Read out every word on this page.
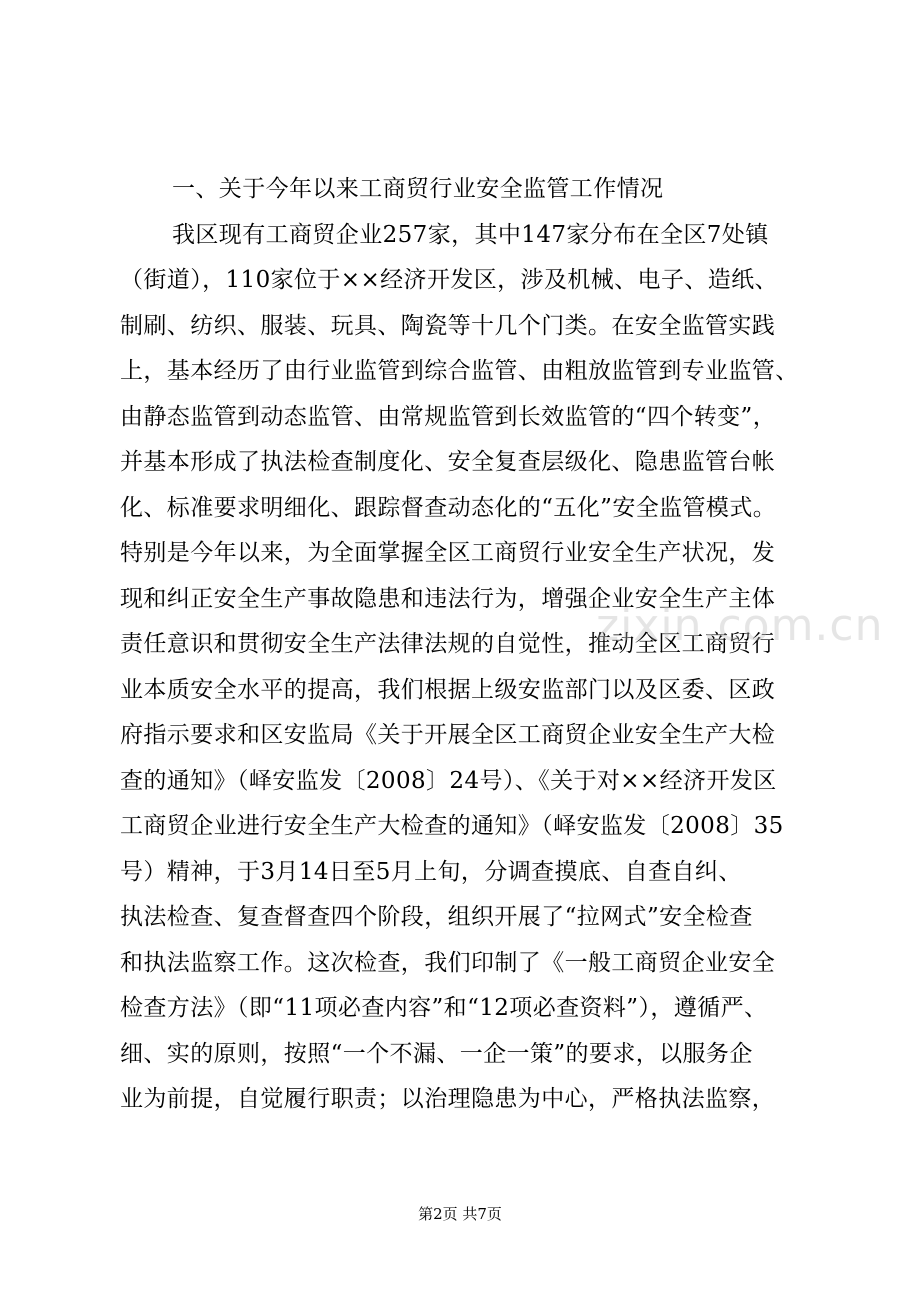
一、关于今年以来工商贸行业安全监管工作情况
我区现有工商贸企业257家，其中147家分布在全区7处镇
（街道），110家位于××经济开发区，涉及机械、电子、造纸、
制刷、纺织、服装、玩具、陶瓷等十几个门类。在安全监管实践
上，基本经历了由行业监管到综合监管、由粗放监管到专业监管、
由静态监管到动态监管、由常规监管到长效监管的“四个转变”，
并基本形成了执法检查制度化、安全复查层级化、隐患监管台帐
化、标准要求明细化、跟踪督查动态化的“五化”安全监管模式。
特别是今年以来，为全面掌握全区工商贸行业安全生产状况，发
现和纠正安全生产事故隐患和违法行为，增强企业安全生产主体
责任意识和贯彻安全生产法律法规的自觉性，推动全区工商贸行
业本质安全水平的提高，我们根据上级安监部门以及区委、区政
府指示要求和区安监局《关于开展全区工商贸企业安全生产大检
查的通知》（峄安监发〔2008〕24号）、《关于对××经济开发区
工商贸企业进行安全生产大检查的通知》（峄安监发〔2008〕35
号）精神，于3月14日至5月上旬，分调查摸底、自查自纠、
执法检查、复查督查四个阶段，组织开展了“拉网式”安全检查
和执法监察工作。这次检查，我们印制了《一般工商贸企业安全
检查方法》（即“11项必查内容”和“12项必查资料”），遵循严、
细、实的原则，按照“一个不漏、一企一策”的要求，以服务企
业为前提，自觉履行职责；以治理隐患为中心，严格执法监察，
zixin.com.cn
第2页 共7页
